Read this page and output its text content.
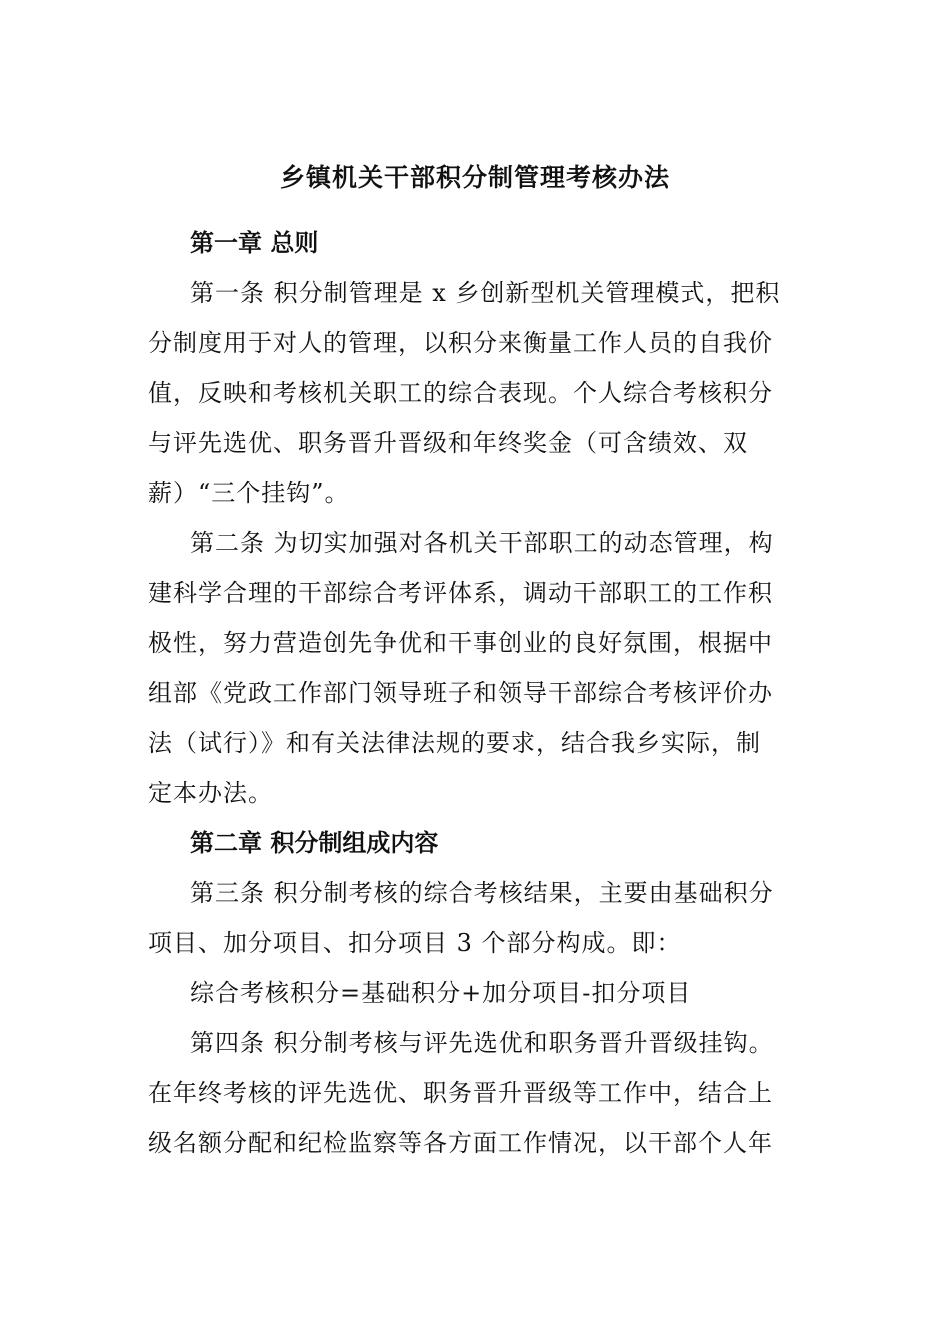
乡镇机关干部积分制管理考核办法
第一章 总则
第一条 积分制管理是 x 乡创新型机关管理模式，把积
分制度用于对人的管理，以积分来衡量工作人员的自我价
值，反映和考核机关职工的综合表现。个人综合考核积分
与评先选优、职务晋升晋级和年终奖金（可含绩效、双
薪）“三个挂钩”。
第二条 为切实加强对各机关干部职工的动态管理，构
建科学合理的干部综合考评体系，调动干部职工的工作积
极性，努力营造创先争优和干事创业的良好氛围，根据中
组部《党政工作部门领导班子和领导干部综合考核评价办
法（试行）》和有关法律法规的要求，结合我乡实际，制
定本办法。
第二章 积分制组成内容
第三条 积分制考核的综合考核结果，主要由基础积分
项目、加分项目、扣分项目 3 个部分构成。即：
综合考核积分=基础积分+加分项目-扣分项目
第四条 积分制考核与评先选优和职务晋升晋级挂钩。
在年终考核的评先选优、职务晋升晋级等工作中，结合上
级名额分配和纪检监察等各方面工作情况，以干部个人年
